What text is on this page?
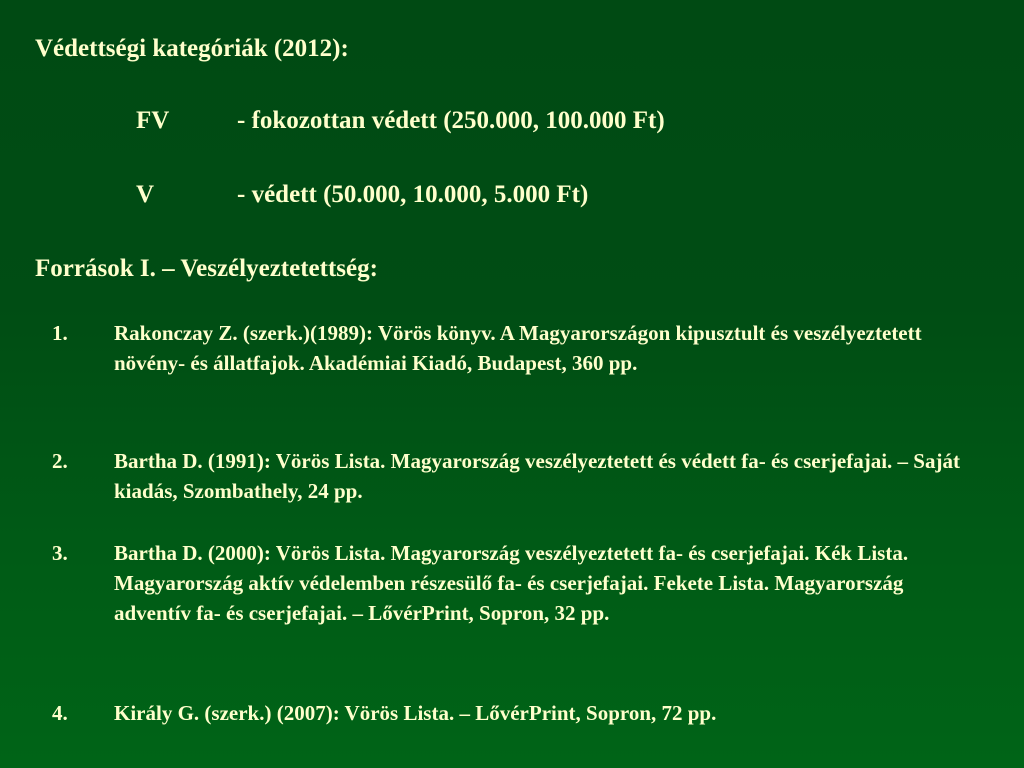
Védettségi kategóriák (2012):
FV	- fokozottan védett (250.000, 100.000 Ft)
V	- védett (50.000, 10.000, 5.000 Ft)
Források I. – Veszélyeztetettség:
1. Rakonczay Z. (szerk.)(1989): Vörös könyv. A Magyarországon kipusztult és veszélyeztetett növény- és állatfajok. Akadémiai Kiadó, Budapest, 360 pp.
2. Bartha D. (1991): Vörös Lista. Magyarország veszélyeztetett és védett fa- és cserjefajai. – Saját kiadás, Szombathely, 24 pp.
3. Bartha D. (2000): Vörös Lista. Magyarország veszélyeztetett fa- és cserjefajai. Kék Lista. Magyarország aktív védelemben részesülő fa- és cserjefajai. Fekete Lista. Magyarország adventív fa- és cserjefajai. – LővérPrint, Sopron, 32 pp.
4. Király G. (szerk.) (2007): Vörös Lista. – LővérPrint, Sopron, 72 pp.
